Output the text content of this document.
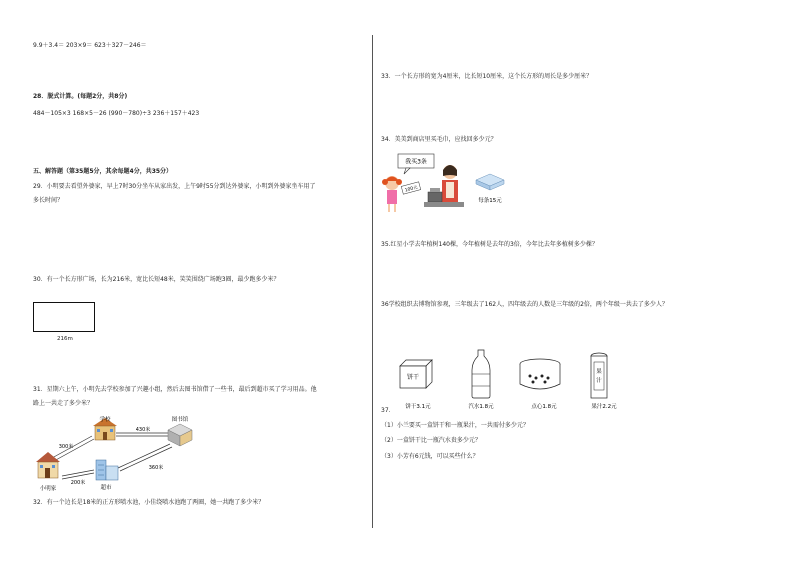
9.9＋3.4＝ 203×9＝ 623＋327－246＝
28．脱式计算。(每题2分，共8分)
484－105×3 168×5－26 (990－780)÷3 236＋157＋423
五、解答题（第35题5分，其余每题4分，共35分）
29．小明要去看望外婆家，早上7时30分坐车从家出发，上午9时55分到达外婆家，小明到外婆家坐车用了
多长时间？
30．有一个长方形广场，长为216米，宽比长短48米，笑笑围绕广场跑3圈，最少跑多少米？
216m
31．星期六上午，小明先去学校参加了兴趣小组，然后去图书馆借了一些书，最后到超市买了学习用品。他
路上一共走了多少米？
学校	图书馆
小明家	超市
430米
300米
200米
360米
32．有一个边长是18米的正方形喷水池，小佳绕喷水池跑了两圈，她一共跑了多少米？
33．一个长方形的宽为4厘米，比长短10厘米，这个长方形的周长是多少厘米？
34．美美到商店里买毛巾，应找回多少元？
我买3条
100元
每条15元
35.红星小学去年植树140棵，今年植树是去年的3倍，今年比去年多植树多少棵？
36学校组织去博物馆参观，三年级去了162人，四年级去的人数是三年级的2倍，两个年级一共去了多少人？
饼干
饼干3.1元	汽水1.8元	点心1.8元
果
汁
果汁2.2元
37．
（1）小兰要买一盒饼干和一瓶果汁，一共需付多少元？
（2）一盒饼干比一瓶汽水贵多少元？
（3）小芳有6元钱，可以买些什么？
